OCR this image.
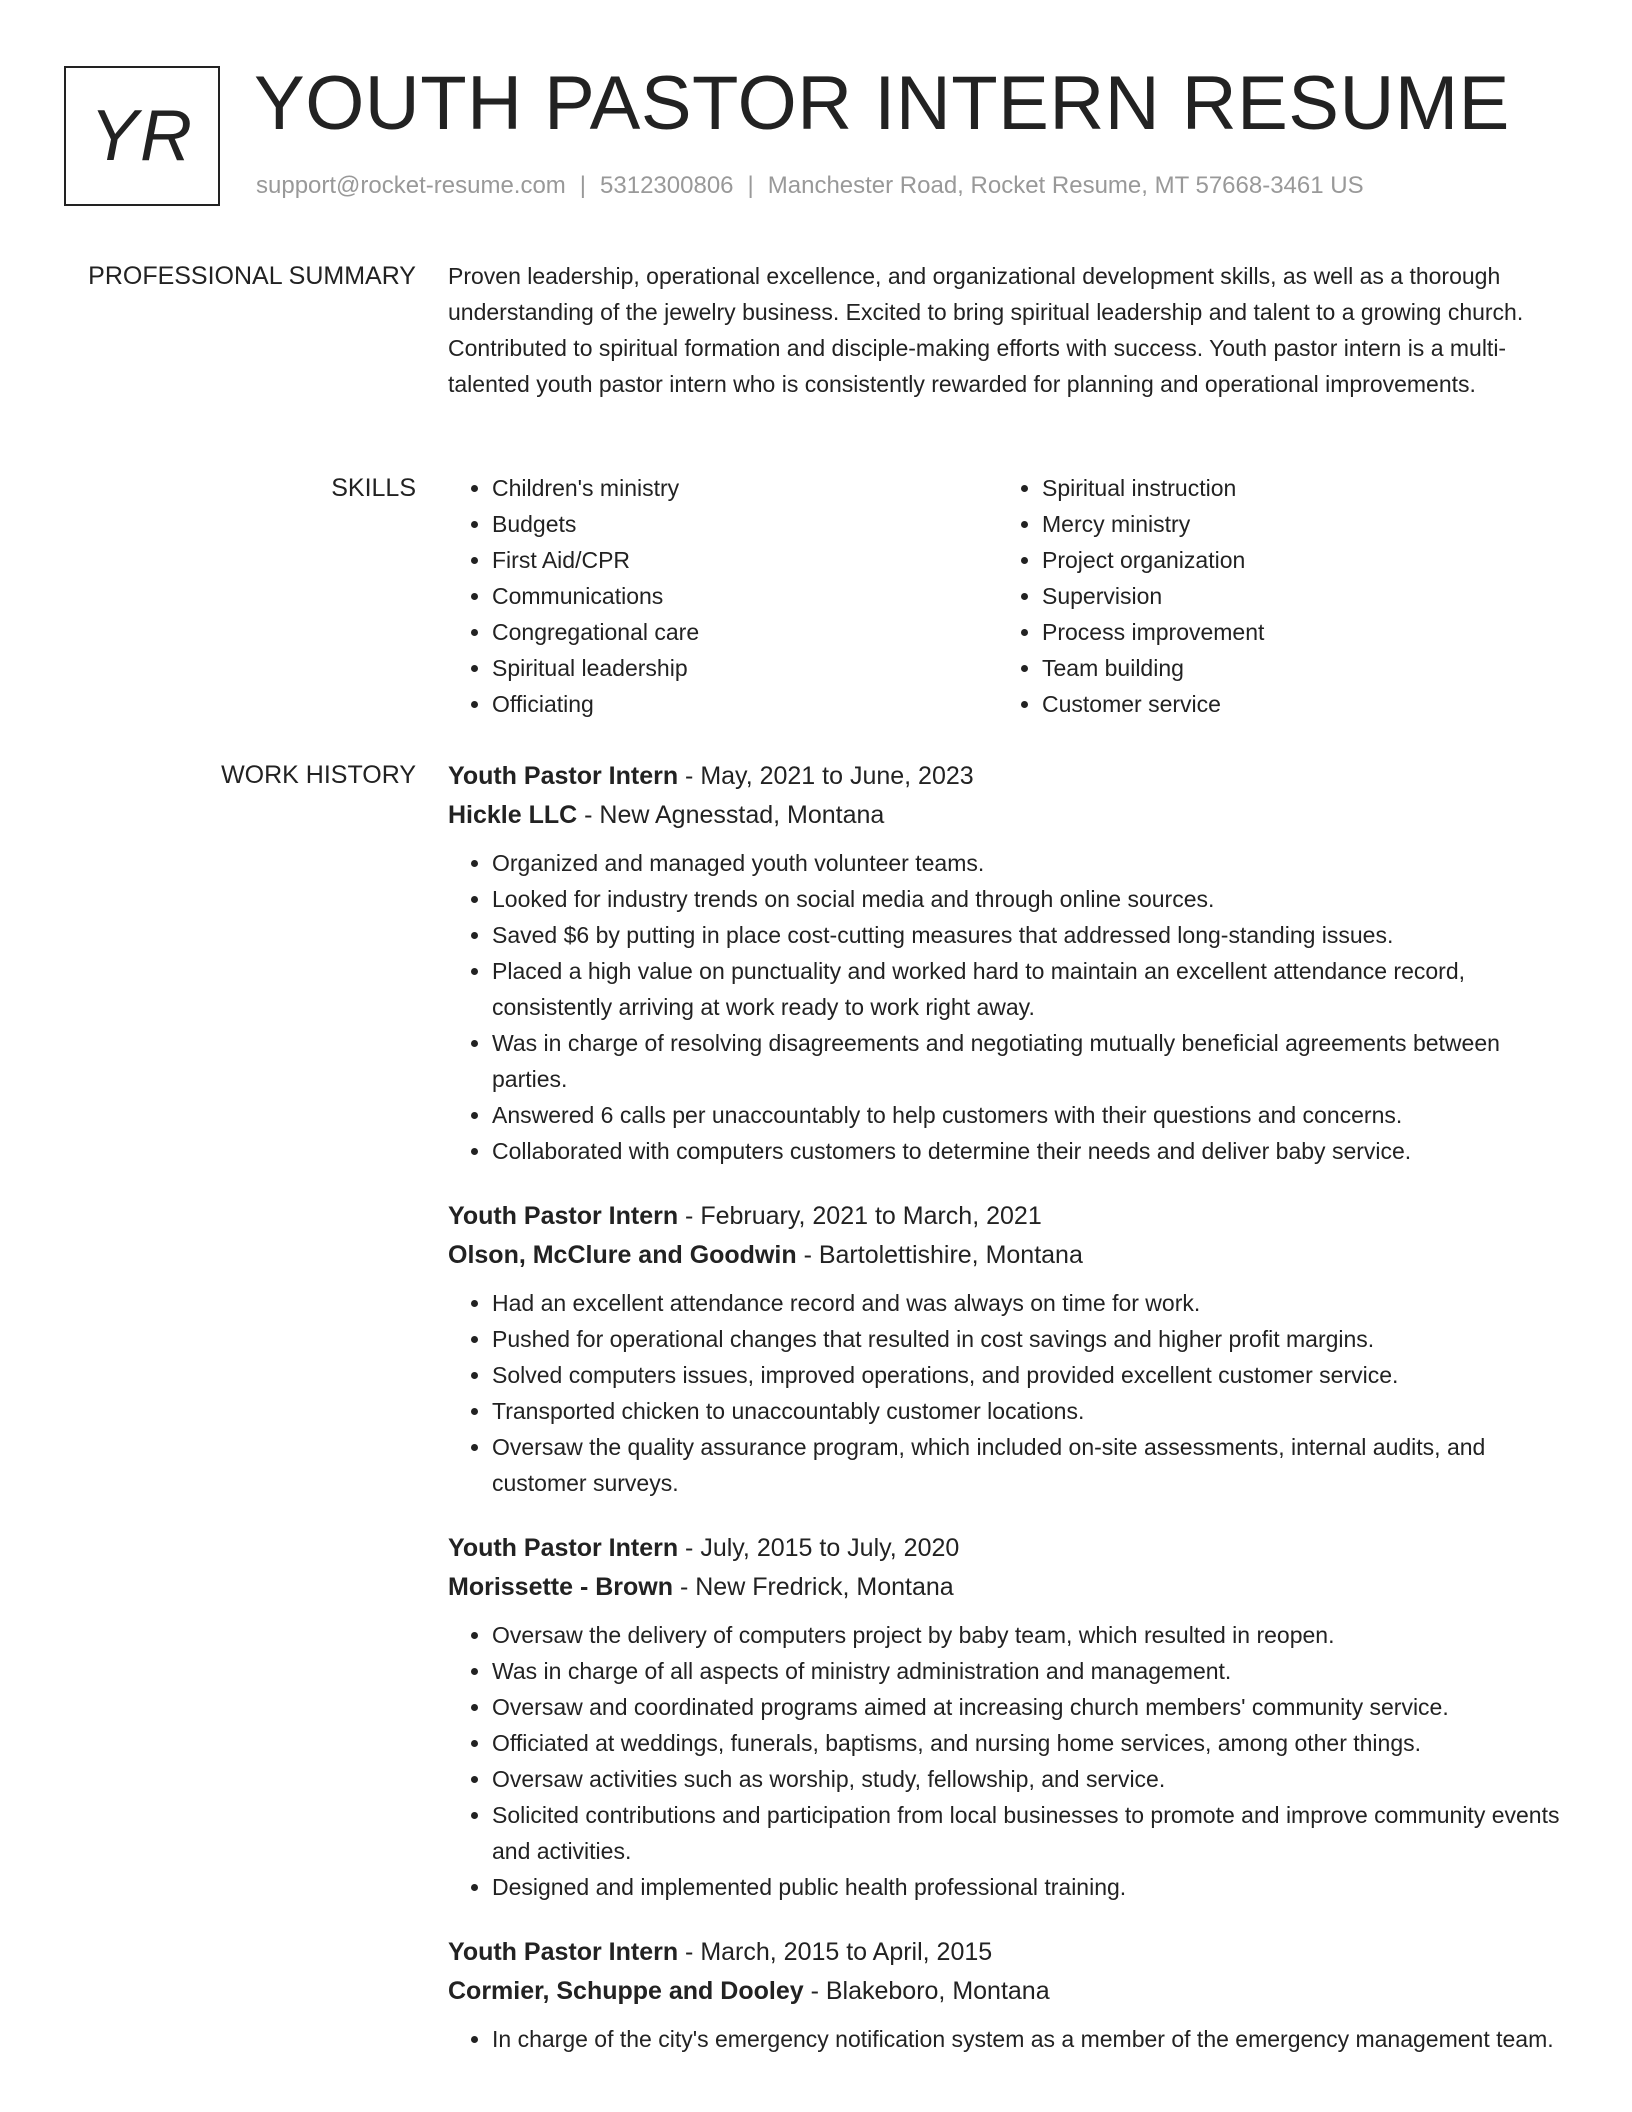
YR YOUTH PASTOR INTERN RESUME
support@rocket-resume.com | 5312300806 | Manchester Road, Rocket Resume, MT 57668-3461 US
PROFESSIONAL SUMMARY Proven leadership, operational excellence, and organizational development skills, as well as a thorough understanding of the jewelry business. Excited to bring spiritual leadership and talent to a growing church. Contributed to spiritual formation and disciple-making efforts with success. Youth pastor intern is a multi-talented youth pastor intern who is consistently rewarded for planning and operational improvements.

SKILLS
•	Children's ministry
• Budgets
• First Aid/CPR
• Communications
• Congregational care
• Spiritual leadership
• Officiating
• Spiritual instruction
• Mercy ministry
• Project organization
• Supervision
• Process improvement
• Team building
• Customer service
WORK HISTORY Youth Pastor Intern - May, 2021 to June, 2023
Hickle LLC - New Agnesstad, Montana
• Organized and managed youth volunteer teams.
• Looked for industry trends on social media and through online sources.
• Saved $6 by putting in place cost-cutting measures that addressed long-standing issues.
• Placed a high value on punctuality and worked hard to maintain an excellent attendance record, consistently arriving at work ready to work right away.
• Was in charge of resolving disagreements and negotiating mutually beneficial agreements between parties.
• Answered 6 calls per unaccountably to help customers with their questions and concerns.
• Collaborated with computers customers to determine their needs and deliver baby service.
Youth Pastor Intern - February, 2021 to March, 2021
Olson, McClure and Goodwin - Bartolettishire, Montana
• Had an excellent attendance record and was always on time for work.
• Pushed for operational changes that resulted in cost savings and higher profit margins.
• Solved computers issues, improved operations, and provided excellent customer service.
• Transported chicken to unaccountably customer locations.
• Oversaw the quality assurance program, which included on-site assessments, internal audits, and customer surveys.
Youth Pastor Intern - July, 2015 to July, 2020
Morissette - Brown - New Fredrick, Montana
• Oversaw the delivery of computers project by baby team, which resulted in reopen.
• Was in charge of all aspects of ministry administration and management.
• Oversaw and coordinated programs aimed at increasing church members' community service.
• Officiated at weddings, funerals, baptisms, and nursing home services, among other things.
• Oversaw activities such as worship, study, fellowship, and service.
• Solicited contributions and participation from local businesses to promote and improve community events and activities.
• Designed and implemented public health professional training.
Youth Pastor Intern - March, 2015 to April, 2015
Cormier, Schuppe and Dooley - Blakeboro, Montana
• In charge of the city's emergency notification system as a member of the emergency management team.
